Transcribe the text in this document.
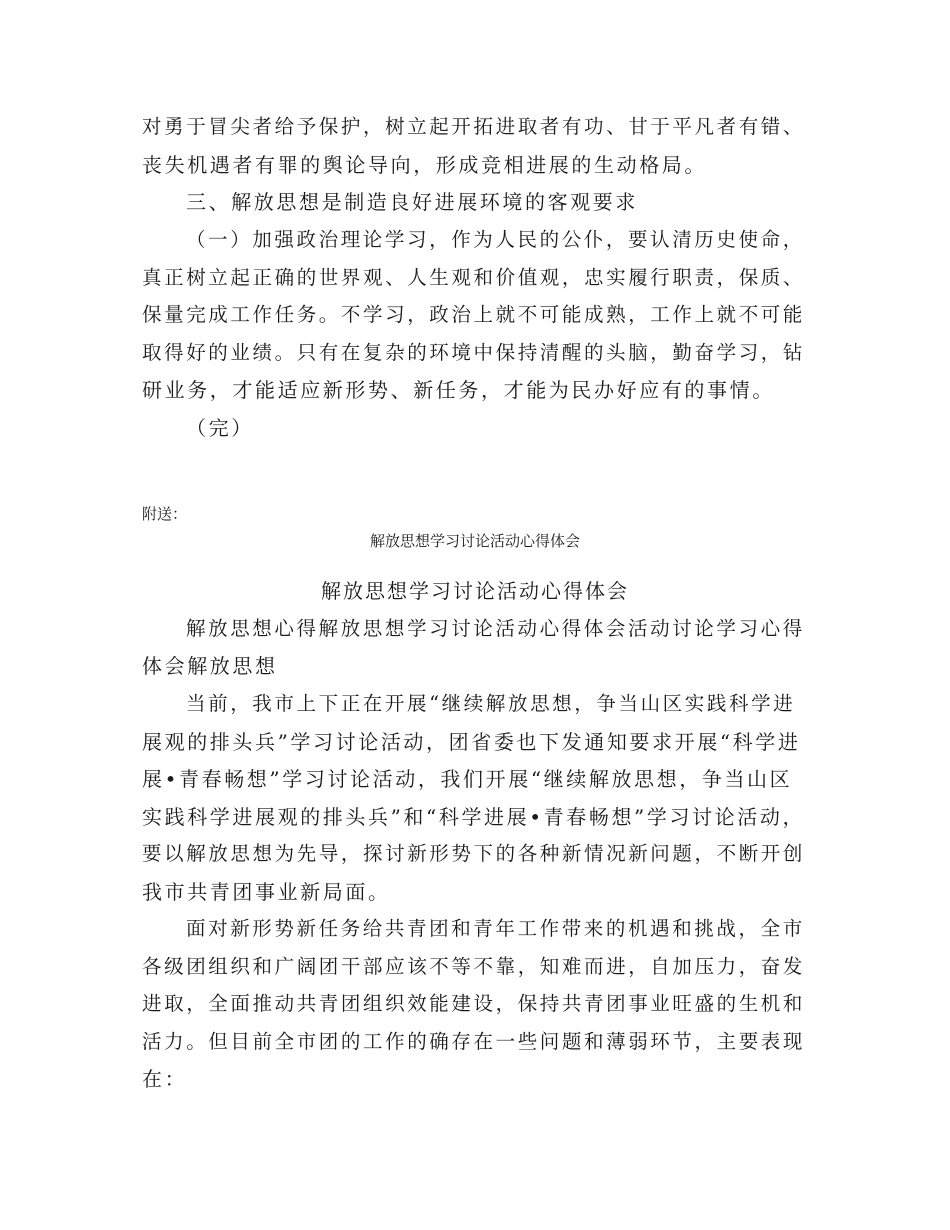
对勇于冒尖者给予保护，树立起开拓进取者有功、甘于平凡者有错、
丧失机遇者有罪的舆论导向，形成竞相进展的生动格局。
三、解放思想是制造良好进展环境的客观要求
（一）加强政治理论学习，作为人民的公仆，要认清历史使命，
真正树立起正确的世界观、人生观和价值观，忠实履行职责，保质、
保量完成工作任务。不学习，政治上就不可能成熟，工作上就不可能
取得好的业绩。只有在复杂的环境中保持清醒的头脑，勤奋学习，钻
研业务，才能适应新形势、新任务，才能为民办好应有的事情。
（完）
附送：
解放思想学习讨论活动心得体会
解放思想学习讨论活动心得体会
解放思想心得解放思想学习讨论活动心得体会活动讨论学习心得
体会解放思想
当前，我市上下正在开展“继续解放思想，争当山区实践科学进
展观的排头兵”学习讨论活动，团省委也下发通知要求开展“科学进
展•青春畅想”学习讨论活动，我们开展“继续解放思想，争当山区
实践科学进展观的排头兵”和“科学进展•青春畅想”学习讨论活动，
要以解放思想为先导，探讨新形势下的各种新情况新问题，不断开创
我市共青团事业新局面。
面对新形势新任务给共青团和青年工作带来的机遇和挑战，全市
各级团组织和广阔团干部应该不等不靠，知难而进，自加压力，奋发
进取，全面推动共青团组织效能建设，保持共青团事业旺盛的生机和
活力。但目前全市团的工作的确存在一些问题和薄弱环节，主要表现
在：
